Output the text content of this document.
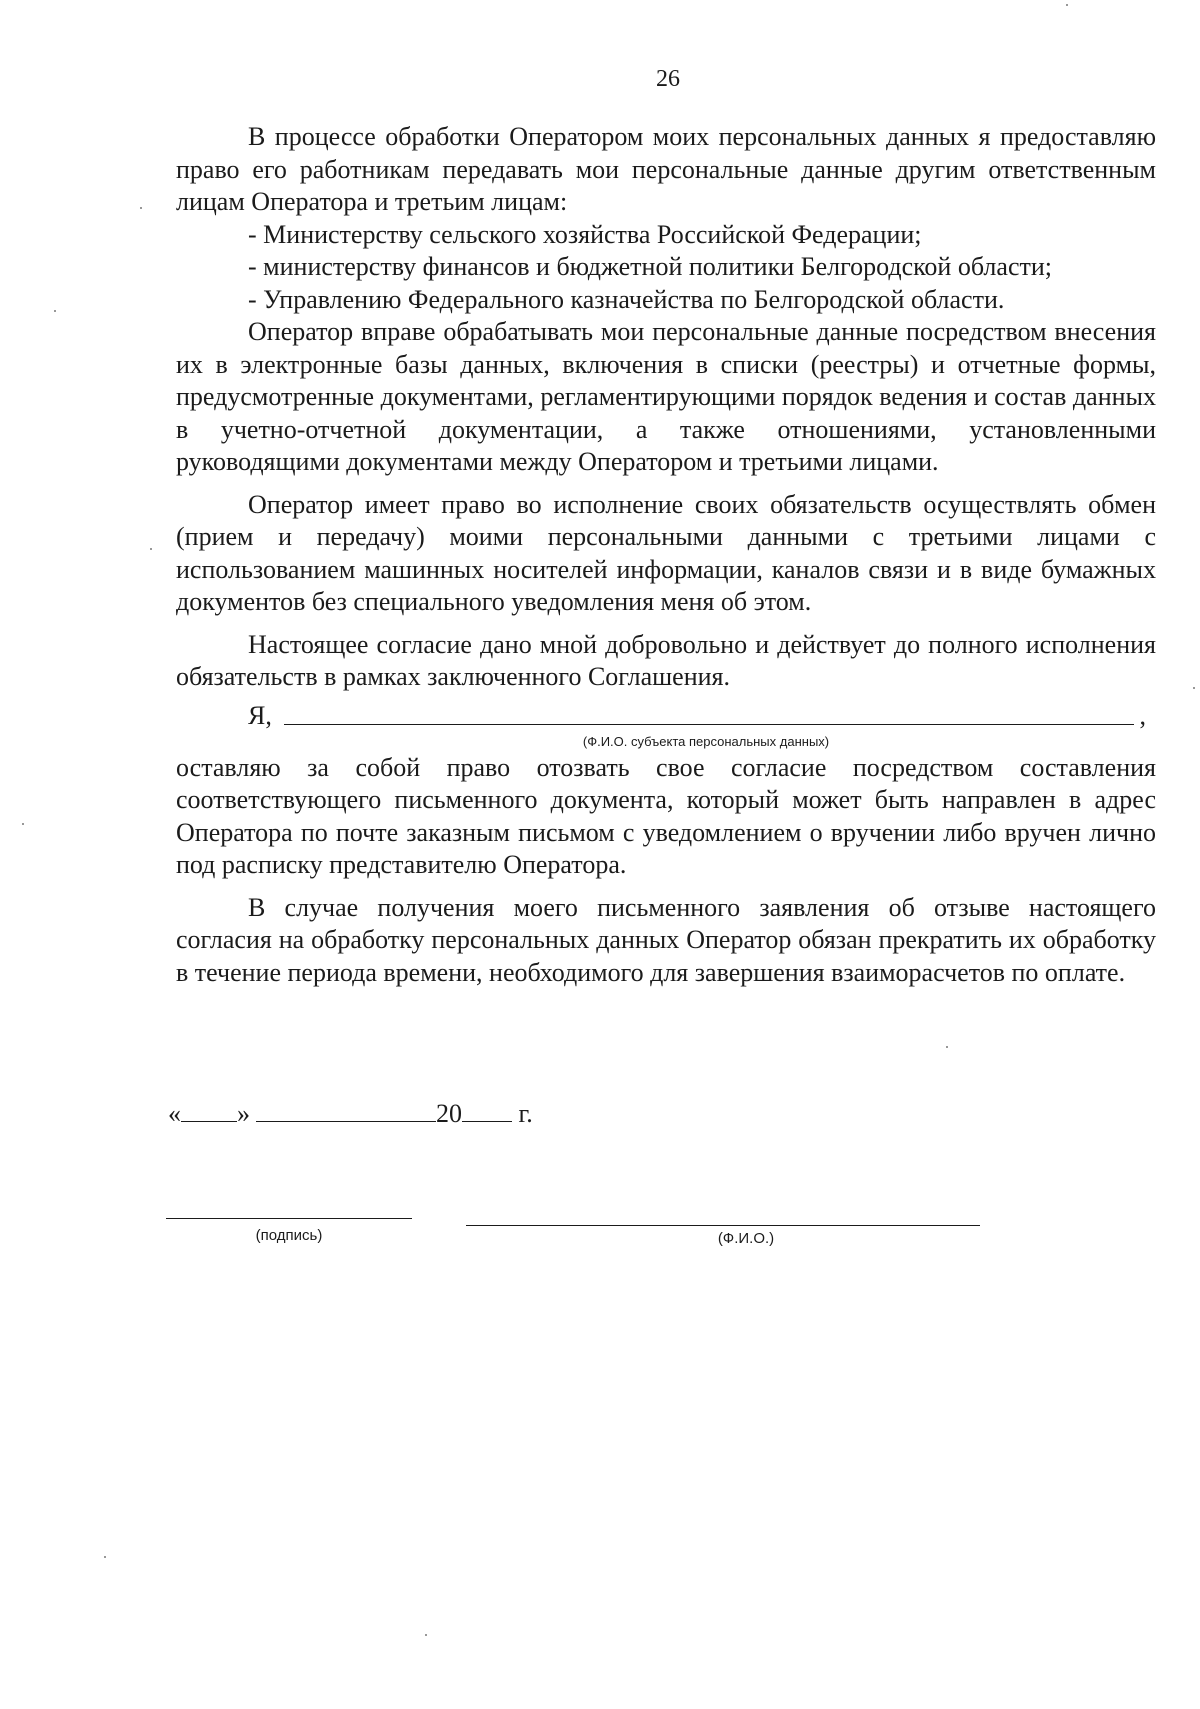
26

В процессе обработки Оператором моих персональных данных я предоставляю право его работникам передавать мои персональные данные другим ответственным лицам Оператора и третьим лицам:

- Министерству сельского хозяйства Российской Федерации;

- министерству финансов и бюджетной политики Белгородской области;

- Управлению Федерального казначейства по Белгородской области.

Оператор вправе обрабатывать мои персональные данные посредством внесения их в электронные базы данных, включения в списки (реестры) и отчетные формы, предусмотренные документами, регламентирующими порядок ведения и состав данных в учетно-отчетной документации, а также отношениями, установленными руководящими документами между Оператором и третьими лицами.

Оператор имеет право во исполнение своих обязательств осуществлять обмен (прием и передачу) моими персональными данными с третьими лицами с использованием машинных носителей информации, каналов связи и в виде бумажных документов без специального уведомления меня об этом.

Настоящее согласие дано мной добровольно и действует до полного исполнения обязательств в рамках заключенного Соглашения.

Я,	,
(Ф.И.О. субъекта персональных данных)

оставляю за собой право отозвать свое согласие посредством составления соответствующего письменного документа, который может быть направлен в адрес Оператора по почте заказным письмом с уведомлением о вручении либо вручен лично под расписку представителю Оператора.

В случае получения моего письменного заявления об отзыве настоящего согласия на обработку персональных данных Оператор обязан прекратить их обработку в течение периода времени, необходимого для завершения взаиморасчетов по оплате.

« »	20 г.
(подпись)	(Ф.И.О.)
